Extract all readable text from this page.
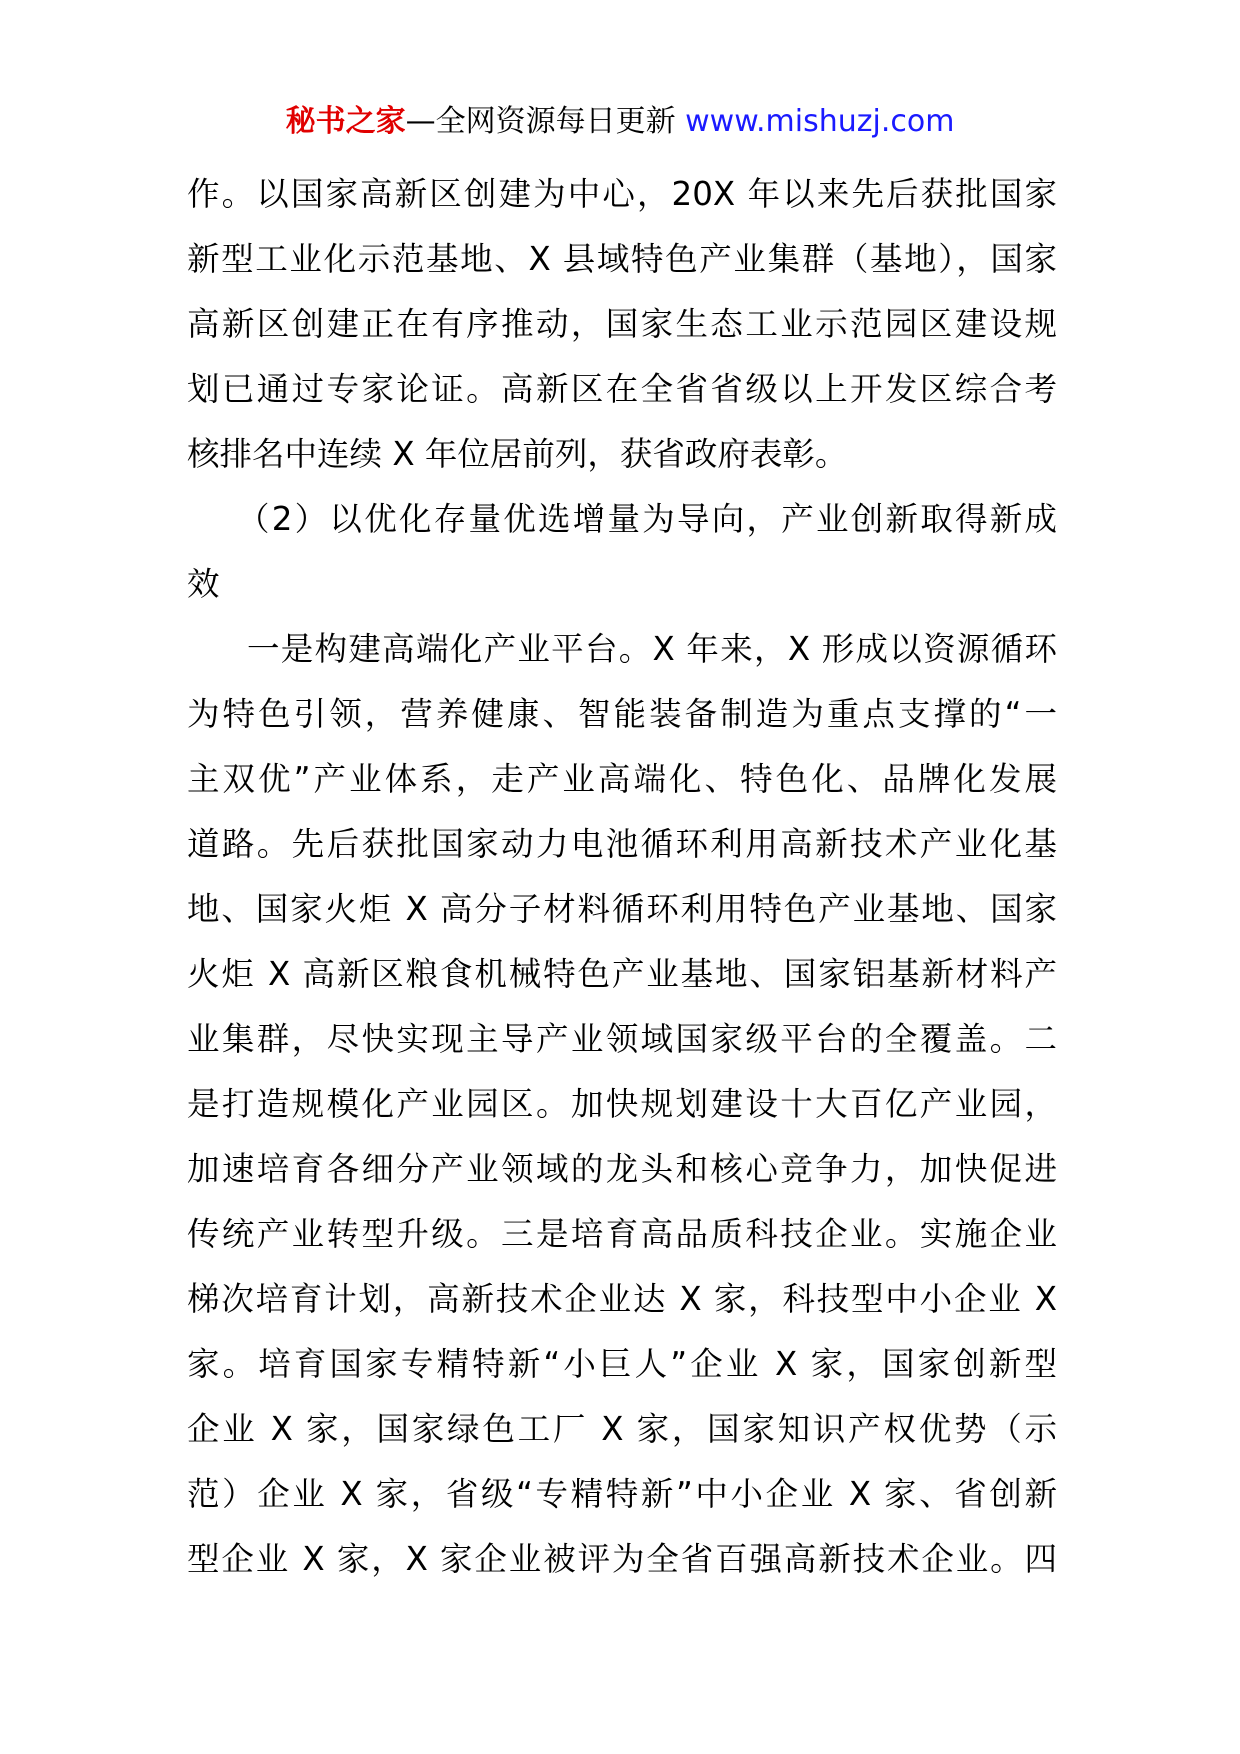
秘书之家—全网资源每日更新 www.mishuzj.com
作。以国家高新区创建为中心，20X 年以来先后获批国家
新型工业化示范基地、X 县域特色产业集群（基地），国家
高新区创建正在有序推动，国家生态工业示范园区建设规
划已通过专家论证。高新区在全省省级以上开发区综合考
核排名中连续 X 年位居前列，获省政府表彰。
（2）以优化存量优选增量为导向，产业创新取得新成
效
一是构建高端化产业平台。X 年来，X 形成以资源循环
为特色引领，营养健康、智能装备制造为重点支撑的“一
主双优”产业体系，走产业高端化、特色化、品牌化发展
道路。先后获批国家动力电池循环利用高新技术产业化基
地、国家火炬 X 高分子材料循环利用特色产业基地、国家
火炬 X 高新区粮食机械特色产业基地、国家铝基新材料产
业集群，尽快实现主导产业领域国家级平台的全覆盖。二
是打造规模化产业园区。加快规划建设十大百亿产业园，
加速培育各细分产业领域的龙头和核心竞争力，加快促进
传统产业转型升级。三是培育高品质科技企业。实施企业
梯次培育计划，高新技术企业达 X 家，科技型中小企业 X
家。培育国家专精特新“小巨人”企业 X 家，国家创新型
企业 X 家，国家绿色工厂 X 家，国家知识产权优势（示
范）企业 X 家，省级“专精特新”中小企业 X 家、省创新
型企业 X 家，X 家企业被评为全省百强高新技术企业。四
